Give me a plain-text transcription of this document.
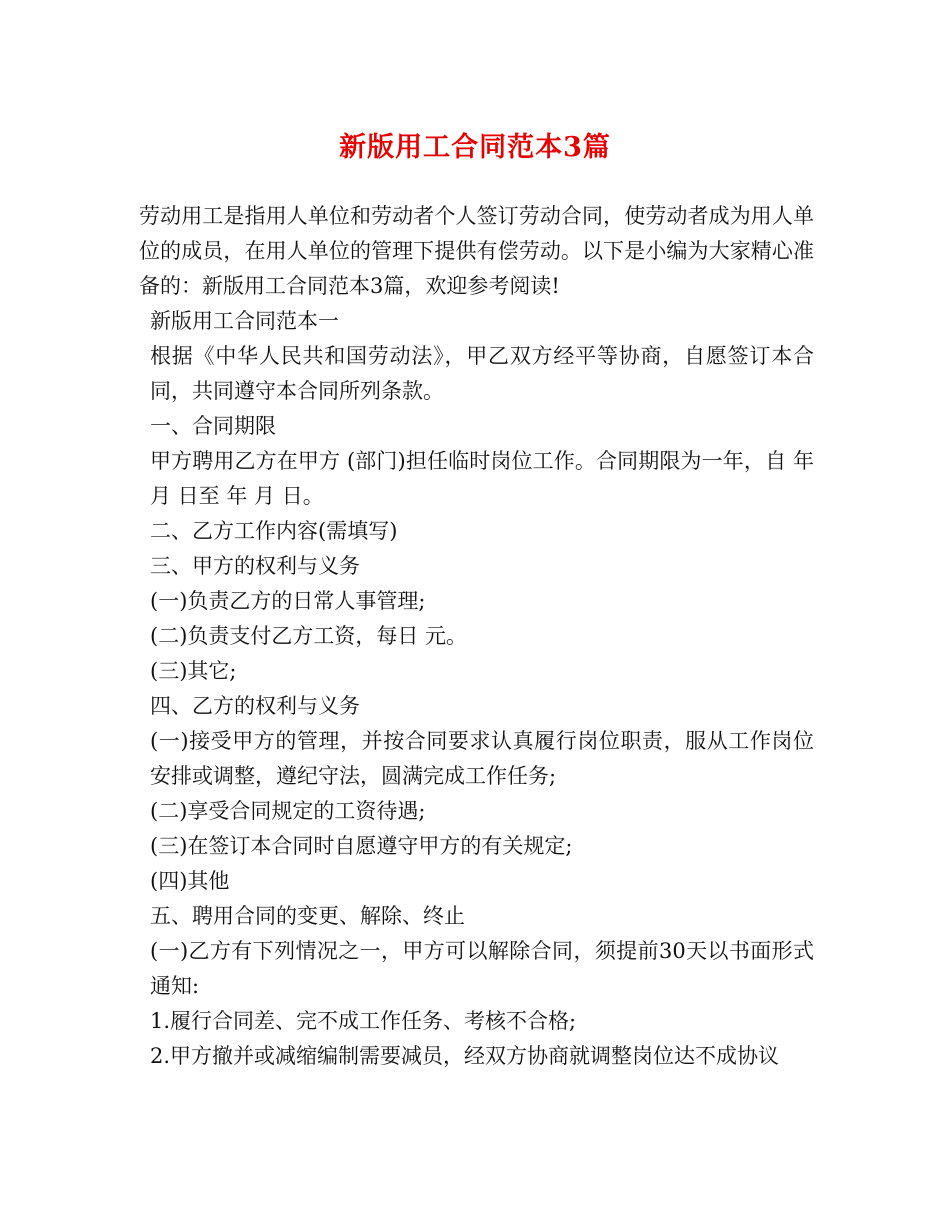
新版用工合同范本3篇

劳动用工是指用人单位和劳动者个人签订劳动合同，使劳动者成为用人单位的成员，在用人单位的管理下提供有偿劳动。以下是小编为大家精心准备的：新版用工合同范本3篇，欢迎参考阅读!

新版用工合同范本一

根据《中华人民共和国劳动法》，甲乙双方经平等协商，自愿签订本合同，共同遵守本合同所列条款。

一、合同期限

甲方聘用乙方在甲方 (部门)担任临时岗位工作。合同期限为一年，自 年 月 日至 年 月 日。

二、乙方工作内容(需填写)

三、甲方的权利与义务

(一)负责乙方的日常人事管理;

(二)负责支付乙方工资，每日 元。

(三)其它;

四、乙方的权利与义务

(一)接受甲方的管理，并按合同要求认真履行岗位职责，服从工作岗位安排或调整，遵纪守法，圆满完成工作任务;

(二)享受合同规定的工资待遇;

(三)在签订本合同时自愿遵守甲方的有关规定;

(四)其他

五、聘用合同的变更、解除、终止

(一)乙方有下列情况之一，甲方可以解除合同，须提前30天以书面形式通知:

1.履行合同差、完不成工作任务、考核不合格;

2.甲方撤并或减缩编制需要减员，经双方协商就调整岗位达不成协议
